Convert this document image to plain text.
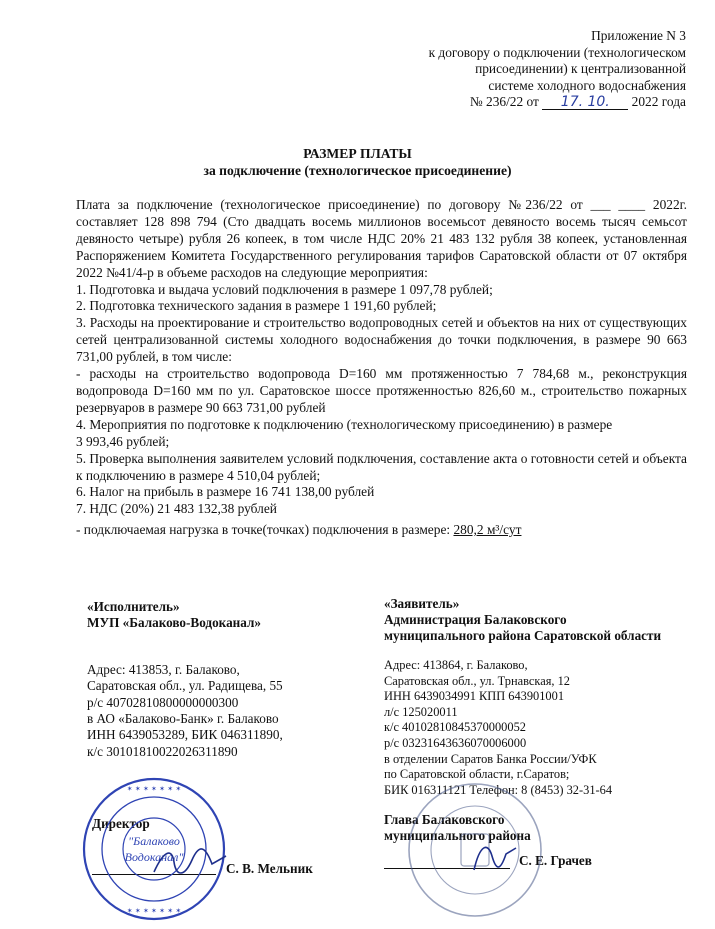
Приложение N 3
к договору о подключении (технологическом
присоединении) к централизованной
системе холодного водоснабжения
№ 236/22 от 17. 10. 2022 года
РАЗМЕР ПЛАТЫ
за подключение (технологическое присоединение)

Плата за подключение (технологическое присоединение) по договору №236/22 от ___ ____ 2022г. составляет 128 898 794 (Сто двадцать восемь миллионов восемьсот девяносто восемь тысяч семьсот девяносто четыре) рубля 26 копеек, в том числе НДС 20% 21 483 132 рубля 38 копеек, установленная Распоряжением Комитета Государственного регулирования тарифов Саратовской области от 07 октября 2022 №41/4-р в объеме расходов на следующие мероприятия:

1. Подготовка и выдача условий подключения в размере 1 097,78 рублей;

2. Подготовка технического задания в размере 1 191,60 рублей;

3. Расходы на проектирование и строительство водопроводных сетей и объектов на них от существующих сетей централизованной системы холодного водоснабжения до точки подключения, в размере 90 663 731,00 рублей, в том числе:

- расходы на строительство водопровода D=160 мм протяженностью 7 784,68 м., реконструкция водопровода D=160 мм по ул. Саратовское шоссе протяженностью 826,60 м., строительство пожарных резервуаров в размере 90 663 731,00 рублей

4. Мероприятия по подготовке к подключению (технологическому присоединению) в размере

3 993,46 рублей;

5. Проверка выполнения заявителем условий подключения, составление акта о готовности сетей и объекта к подключению в размере 4 510,04 рублей;

6. Налог на прибыль в размере 16 741 138,00 рублей

7. НДС (20%) 21 483 132,38 рублей

- подключаемая нагрузка в точке(точках) подключения в размере: 280,2 м³/сут
«Исполнитель»
МУП «Балаково-Водоканал»
Адрес: 413853, г. Балаково,
Саратовская обл., ул. Радищева, 55
р/с 40702810800000000300
в АО «Балаково-Банк» г. Балаково
ИНН 6439053289, БИК 046311890,
к/с 30101810022026311890
«Заявитель»
Администрация Балаковского
муниципального района Саратовской области
Адрес: 413864, г. Балаково,
Саратовская обл., ул. Трнавская, 12
ИНН 6439034991 КПП 643901001
л/с 125020011
к/с 40102810845370000052
р/с 03231643636070006000
в отделении Саратов Банка России/УФК
по Саратовской области, г.Саратов;
БИК 016311121 Телефон: 8 (8453) 32-31-64
Директор
С. В. Мельник
✶ ✶ ✶ ✶ ✶ ✶ ✶
✶ ✶ ✶ ✶ ✶ ✶ ✶
"Балаково
Водоканал"
Глава Балаковского
муниципального района
С. Е. Грачев
